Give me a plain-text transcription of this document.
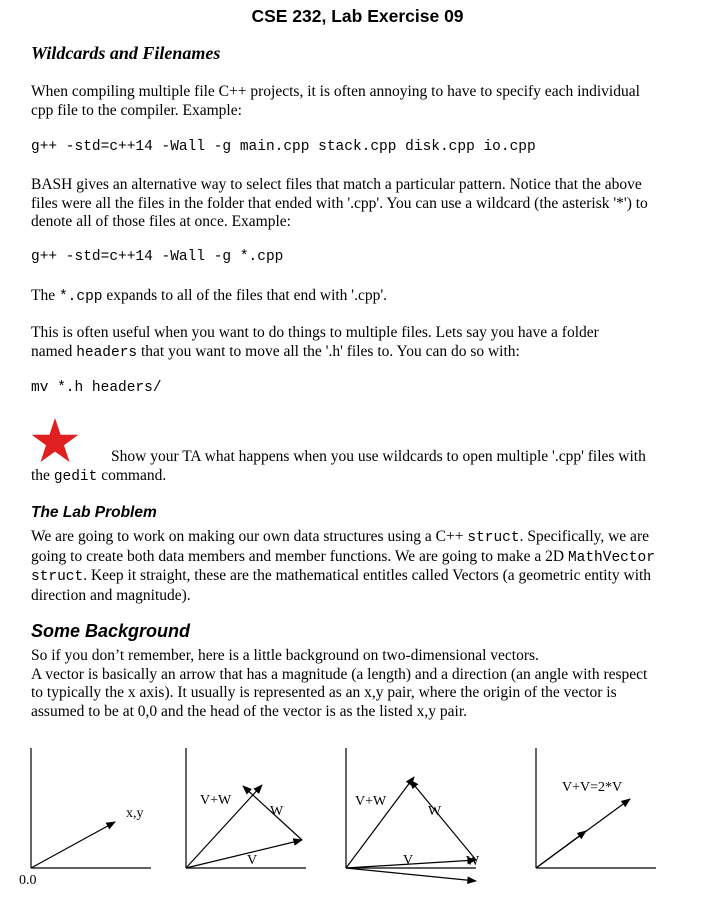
CSE 232, Lab Exercise 09
Wildcards and Filenames
When compiling multiple file C++ projects, it is often annoying to have to specify each individual
cpp file to the compiler. Example:
g++ -std=c++14 -Wall -g main.cpp stack.cpp disk.cpp io.cpp
BASH gives an alternative way to select files that match a particular pattern. Notice that the above
files were all the files in the folder that ended with '.cpp'. You can use a wildcard (the asterisk '*') to
denote all of those files at once. Example:
g++ -std=c++14 -Wall -g *.cpp
The *.cpp expands to all of the files that end with '.cpp'.
This is often useful when you want to do things to multiple files. Lets say you have a folder
named headers that you want to move all the '.h' files to. You can do so with:
mv *.h headers/
Show your TA what happens when you use wildcards to open multiple '.cpp' files with
the gedit command.
The Lab Problem
We are going to work on making our own data structures using a C++ struct. Specifically, we are
going to create both data members and member functions. We are going to make a 2D MathVector
struct. Keep it straight, these are the mathematical entitles called Vectors (a geometric entity with
direction and magnitude).
Some Background
So if you don’t remember, here is a little background on two-dimensional vectors.
A vector is basically an arrow that has a magnitude (a length) and a direction (an angle with respect
to typically the x axis). It usually is represented as an x,y pair, where the origin of the vector is
assumed to be at 0,0 and the head of the vector is as the listed x,y pair.
0.0
x,y
V+W
W
V
V+W
W
V	W
V+V=2*V
